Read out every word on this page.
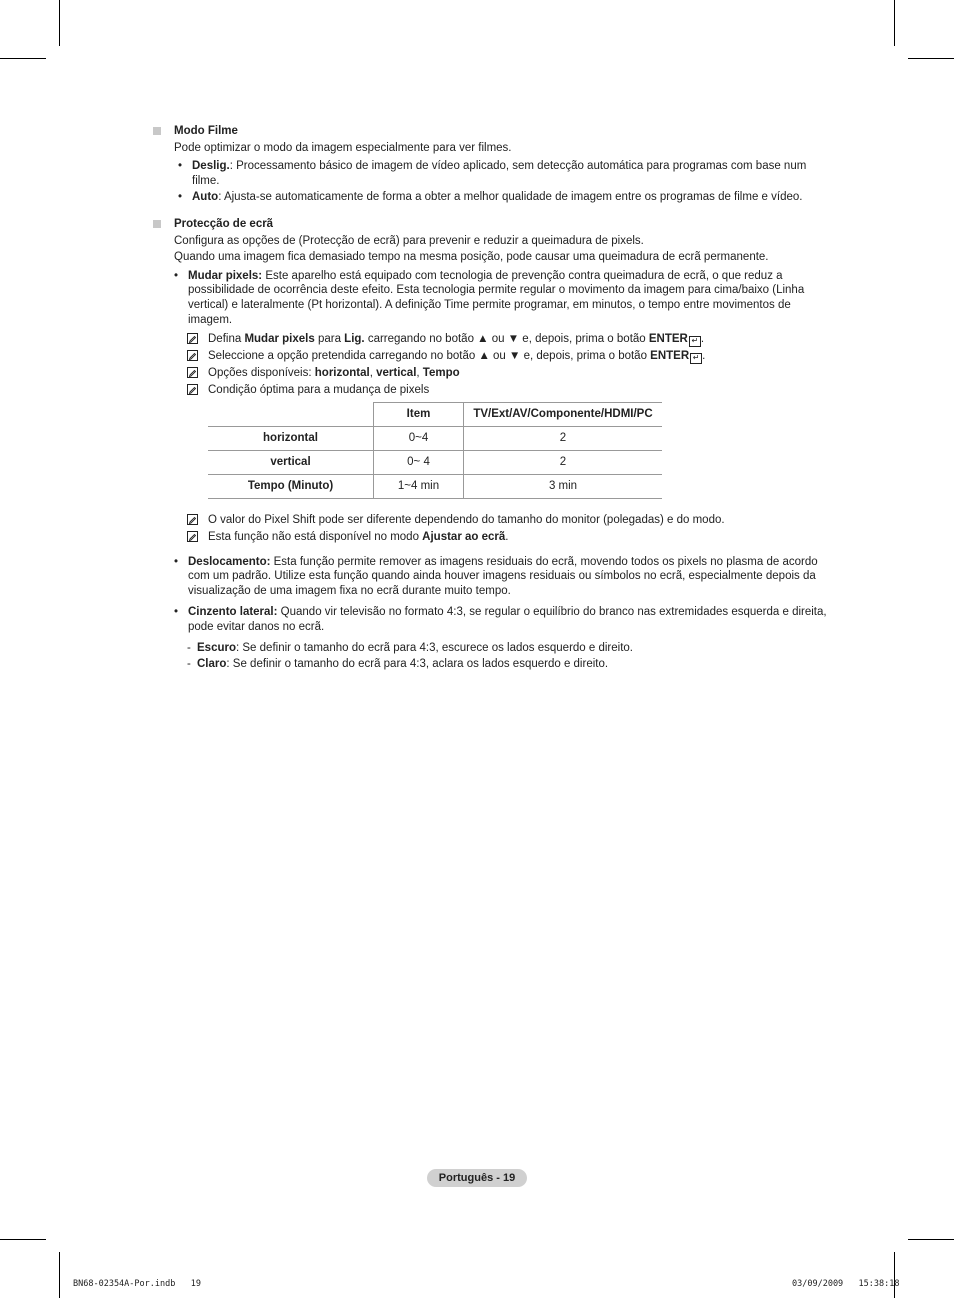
Modo Filme
Pode optimizar o modo da imagem especialmente para ver filmes.
• Deslig.: Processamento básico de imagem de vídeo aplicado, sem detecção automática para programas com base num filme.
• Auto: Ajusta-se automaticamente de forma a obter a melhor qualidade de imagem entre os programas de filme e vídeo.
Protecção de ecrã
Configura as opções de (Protecção de ecrã) para prevenir e reduzir a queimadura de pixels.
Quando uma imagem fica demasiado tempo na mesma posição, pode causar uma queimadura de ecrã permanente.
• Mudar pixels: Este aparelho está equipado com tecnologia de prevenção contra queimadura de ecrã, o que reduz a possibilidade de ocorrência deste efeito. Esta tecnologia permite regular o movimento da imagem para cima/baixo (Linha vertical) e lateralmente (Pt horizontal). A definição Time permite programar, em minutos, o tempo entre movimentos de imagem.
Defina Mudar pixels para Lig. carregando no botão ▲ ou ▼ e, depois, prima o botão ENTER ↵ .
Seleccione a opção pretendida carregando no botão ▲ ou ▼ e, depois, prima o botão ENTER ↵ .
Opções disponíveis: horizontal, vertical, Tempo
Condição óptima para a mudança de pixels
	Item	TV/Ext/AV/Componente/HDMI/PC
horizontal	0~4	2
vertical	0~ 4	2
Tempo (Minuto)	1~4 min	3 min
O valor do Pixel Shift pode ser diferente dependendo do tamanho do monitor (polegadas) e do modo.
Esta função não está disponível no modo Ajustar ao ecrã.
• Deslocamento: Esta função permite remover as imagens residuais do ecrã, movendo todos os pixels no plasma de acordo com um padrão. Utilize esta função quando ainda houver imagens residuais ou símbolos no ecrã, especialmente depois da visualização de uma imagem fixa no ecrã durante muito tempo.
• Cinzento lateral: Quando vir televisão no formato 4:3, se regular o equilíbrio do branco nas extremidades esquerda e direita, pode evitar danos no ecrã.
- Escuro: Se definir o tamanho do ecrã para 4:3, escurece os lados esquerdo e direito.
- Claro: Se definir o tamanho do ecrã para 4:3, aclara os lados esquerdo e direito.
Português - 19
BN68-02354A-Por.indb   19	03/09/2009   15:38:18
